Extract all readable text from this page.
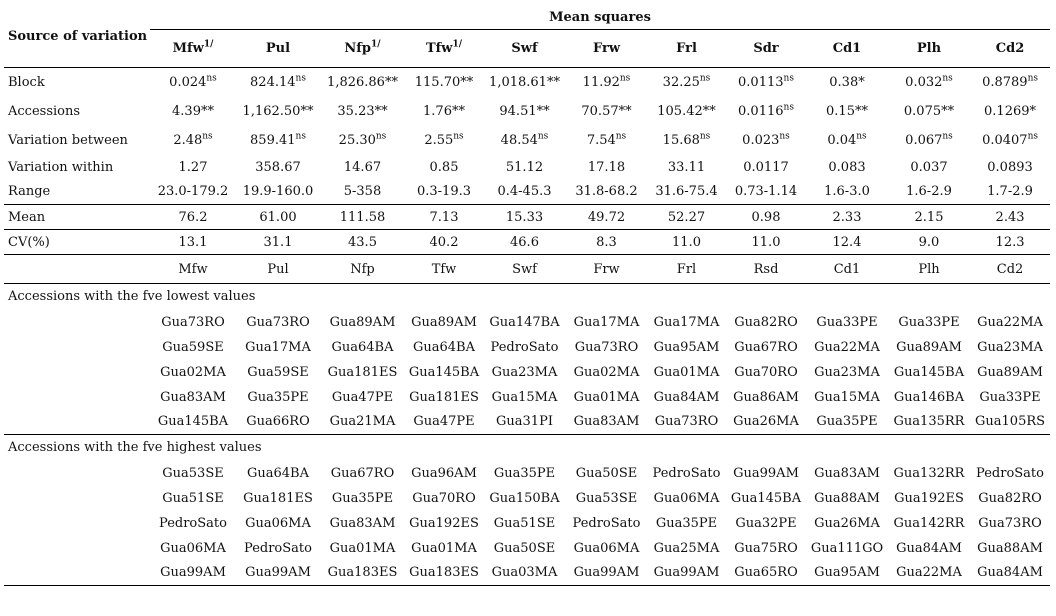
Source of variation	Mean squares										
	Mfw$^{1/}$	Pul	Nfp$^{1/}$	Tfw$^{1/}$	Swf	Frw	Frl	Sdr	Cd1	Plh	Cd2
Block	$0.024^{ns}$	$824.14^{ns}$	1,826.86**	115.70**	1,018.61**	$11.92^{ns}$	$32.25^{ns}$	$0.0113^{ns}$	0.38*	$0.032^{ns}$	$0.8789^{ns}$
Accessions	4.39**	1,162.50**	35.23**	1.76**	94.51**	70.57**	105.42**	$0.0116^{ns}$	0.15**	0.075**	0.1269*
Variation between	$2.48^{ns}$	$859.41^{ns}$	$25.30^{ns}$	$2.55^{ns}$	$48.54^{ns}$	$7.54^{ns}$	$15.68^{ns}$	$0.023^{ns}$	$0.04^{ns}$	$0.067^{ns}$	$0.0407^{ns}$
Variation within	1.27	358.67	14.67	0.85	51.12	17.18	33.11	0.0117	0.083	0.037	0.0893
Range	23.0-179.2	19.9-160.0	5-358	0.3-19.3	0.4-45.3	31.8-68.2	31.6-75.4	0.73-1.14	1.6-3.0	1.6-2.9	1.7-2.9
Mean	76.2	61.00	111.58	7.13	15.33	49.72	52.27	0.98	2.33	2.15	2.43
CV(%)	13.1	31.1	43.5	40.2	46.6	8.3	11.0	11.0	12.4	9.0	12.3
	Mfw	Pul	Nfp	Tfw	Swf	Frw	Frl	Rsd	Cd1	Plh	Cd2
Accessions with the fve lowest values											
	Gua73RO	Gua73RO	Gua89AM	Gua89AM	Gua147BA	Gua17MA	Gua17MA	Gua82RO	Gua33PE	Gua33PE	Gua22MA
	Gua59SE	Gua17MA	Gua64BA	Gua64BA	PedroSato	Gua73RO	Gua95AM	Gua67RO	Gua22MA	Gua89AM	Gua23MA
	Gua02MA	Gua59SE	Gua181ES	Gua145BA	Gua23MA	Gua02MA	Gua01MA	Gua70RO	Gua23MA	Gua145BA	Gua89AM
	Gua83AM	Gua35PE	Gua47PE	Gua181ES	Gua15MA	Gua01MA	Gua84AM	Gua86AM	Gua15MA	Gua146BA	Gua33PE
	Gua145BA	Gua66RO	Gua21MA	Gua47PE	Gua31PI	Gua83AM	Gua73RO	Gua26MA	Gua35PE	Gua135RR	Gua105RS
Accessions with the fve highest values											
	Gua53SE	Gua64BA	Gua67RO	Gua96AM	Gua35PE	Gua50SE	PedroSato	Gua99AM	Gua83AM	Gua132RR	PedroSato
	Gua51SE	Gua181ES	Gua35PE	Gua70RO	Gua150BA	Gua53SE	Gua06MA	Gua145BA	Gua88AM	Gua192ES	Gua82RO
	PedroSato	Gua06MA	Gua83AM	Gua192ES	Gua51SE	PedroSato	Gua35PE	Gua32PE	Gua26MA	Gua142RR	Gua73RO
	Gua06MA	PedroSato	Gua01MA	Gua01MA	Gua50SE	Gua06MA	Gua25MA	Gua75RO	Gua111GO	Gua84AM	Gua88AM
	Gua99AM	Gua99AM	Gua183ES	Gua183ES	Gua03MA	Gua99AM	Gua99AM	Gua65RO	Gua95AM	Gua22MA	Gua84AM
